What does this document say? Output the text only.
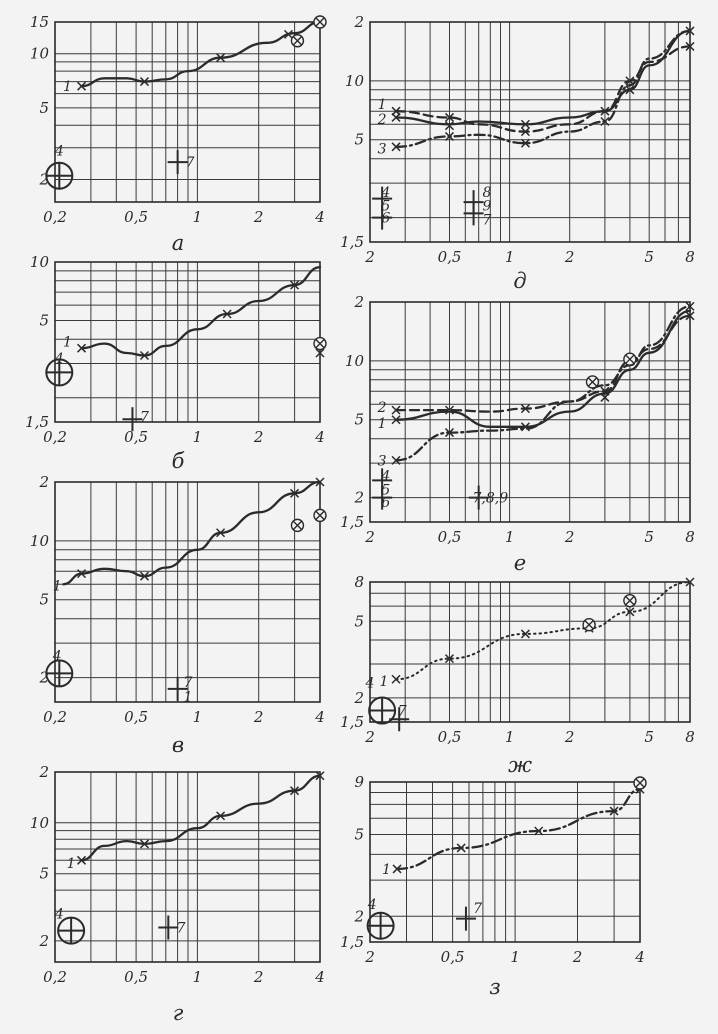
0,2	0,5	1	2	4
2
5
10
15
1
4
7
а
2	0,5	1	2	5 8
1,5
5
10
2
1
2
3
4
5
6
8
9
7
д
0,2	0,5	1	2	4
1,5
5
10
1
4
7
б
2	0,5	1	2	5 8
1,5
2
5
10
2
2
1
3
4
5
6	7,8,9
е
0,2	0,5	1	2	4
2
5
10
2
1
4
7
1
в	2	0,5	1	2	5 8
1,5
2
5
8
4 1
7
ж
0,2	0,5	1	2	4
2
5
10
2
1
4
7
г
2	0,5	1	2	4
1,5
2
5
9
1
4	7
з
